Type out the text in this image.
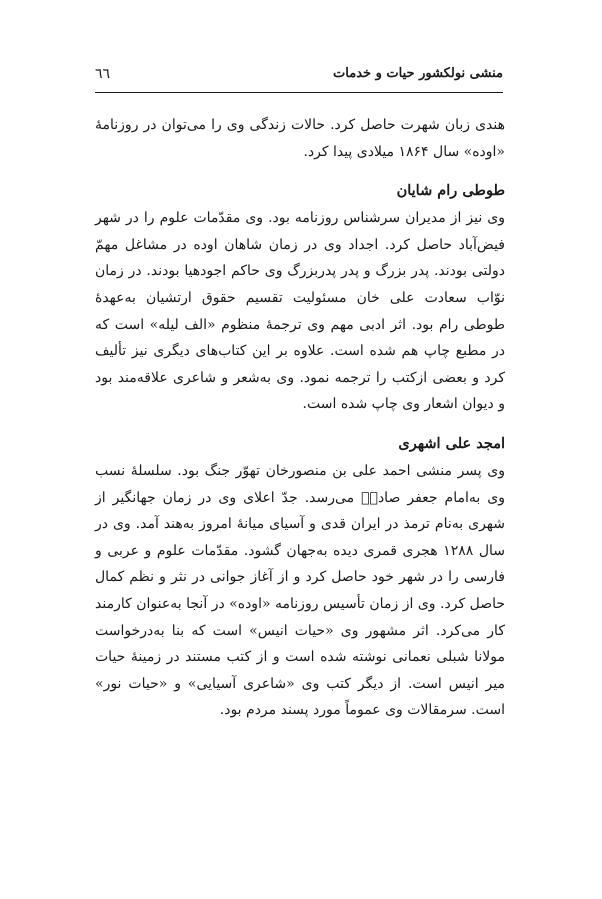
منشی نولکشور حیات و خدمات
٦٦

هندی زبان شهرت حاصل کرد. حالات زندگی وی را می‌توان در روزنامهٔ «اوده» سال ۱۸۶۴ میلادی پیدا کرد.

طوطی رام شایان

وی نیز از مدیران سرشناس روزنامه بود. وی مقدّمات علوم را در شهر فیض‌آباد حاصل کرد. اجداد وی در زمان شاهان اوده در مشاغل مهمّ دولتی بودند. پدر بزرگ و پدر پدربزرگ وی حاکم اجودهیا بودند. در زمان نوّاب سعادت علی خان مسئولیت تقسیم حقوق ارتشیان به‌عهدهٔ طوطی رام بود. اثر ادبی مهم وی ترجمهٔ منظوم «الف لیله» است که در مطبع چاپ هم شده است. علاوه بر این کتاب‌های دیگری نیز تألیف کرد و بعضی ازکتب را ترجمه نمود. وی به‌شعر و شاعری علاقه‌مند بود و دیوان اشعار وی چاپ شده است.

امجد علی اشهری

وی پسر منشی احمد علی بن منصورخان تهوّر جنگ بود. سلسلهٔ نسب وی به‌امام جعفر صادقؑ می‌رسد. جدّ اعلای وی در زمان جهانگیر از شهری به‌نام ترمذ در ایران قدی و آسیای میانهٔ امروز به‌هند آمد. وی در سال ۱۲۸۸ هجری قمری دیده به‌جهان گشود. مقدّمات علوم و عربی و فارسی را در شهر خود حاصل کرد و از آغاز جوانی در نثر و نظم کمال حاصل کرد. وی از زمان تأسیس روزنامه «اوده» در آنجا به‌عنوان کارمند کار می‌کرد. اثر مشهور وی «حیات انیس» است که بنا به‌درخواست مولانا شبلی نعمانی نوشته شده است و از کتب مستند در زمینهٔ حیات میر انیس است. از دیگر کتب وی «شاعری آسیایی» و «حیات نور» است. سرمقالات وی عموماً مورد پسند مردم بود.
